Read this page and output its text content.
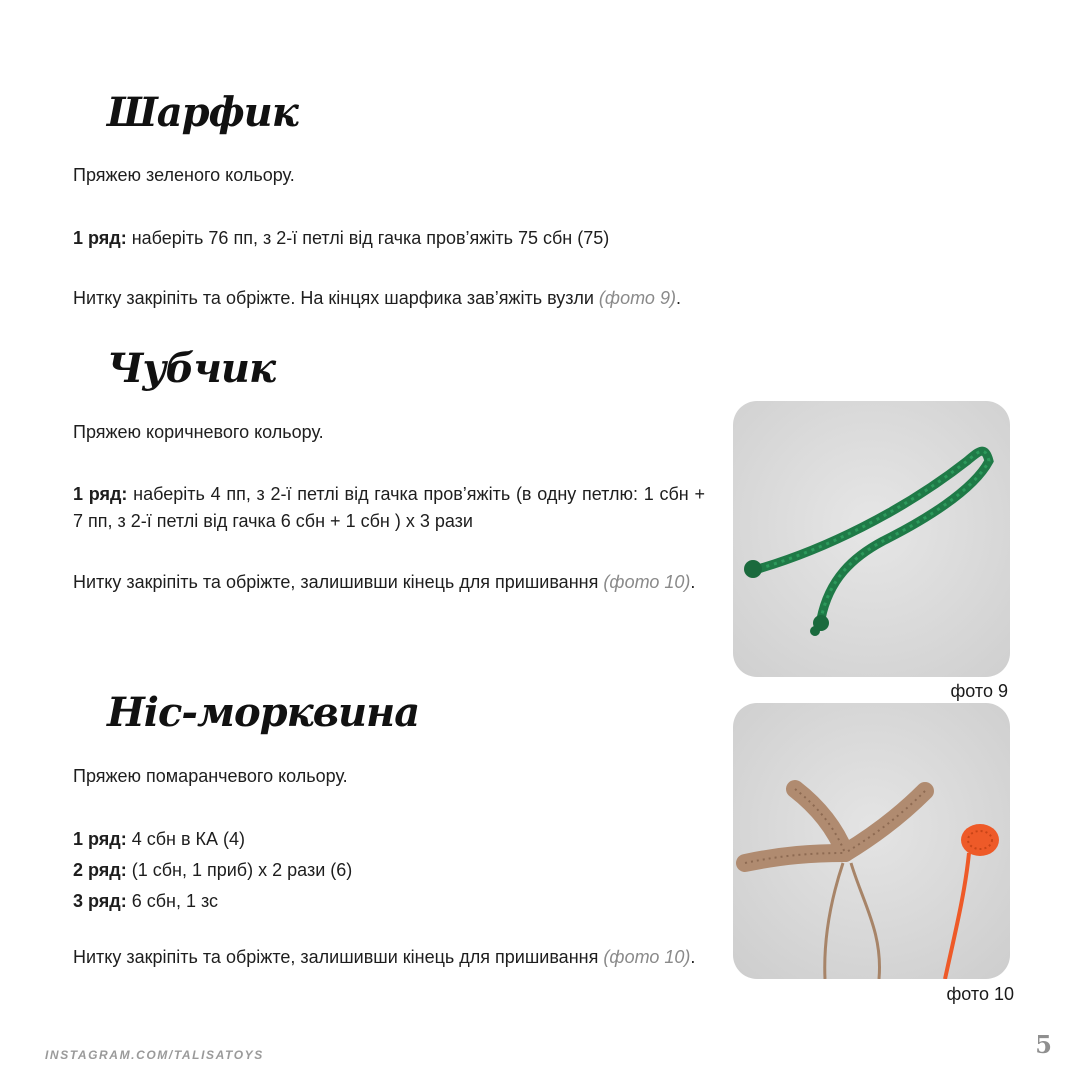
Шарфик

Пряжею зеленого кольору.

1 ряд: наберіть 76 пп, з 2-ї петлі від гачка пров’яжіть 75 сбн (75)

Нитку закріпіть та обріжте. На кінцях шарфика зав’яжіть вузли (фото 9).

Чубчик

Пряжею коричневого кольору.

1 ряд: наберіть 4 пп, з 2-ї петлі від гачка пров’яжіть (в одну петлю: 1 сбн + 7 пп, з 2-ї петлі від гачка 6 сбн + 1 сбн ) х 3 рази

Нитку закріпіть та обріжте, залишивши кінець для пришивання (фото 10).

Ніс-морквина

Пряжею помаранчевого кольору.

1 ряд: 4 сбн в КА (4)
2 ряд: (1 сбн, 1 приб) х 2 рази (6)
3 ряд: 6 сбн, 1 зс

Нитку закріпіть та обріжте, залишивши кінець для пришивання (фото 10).

фото 9
фото 10
INSTAGRAM.COM/TALISATOYS	5
